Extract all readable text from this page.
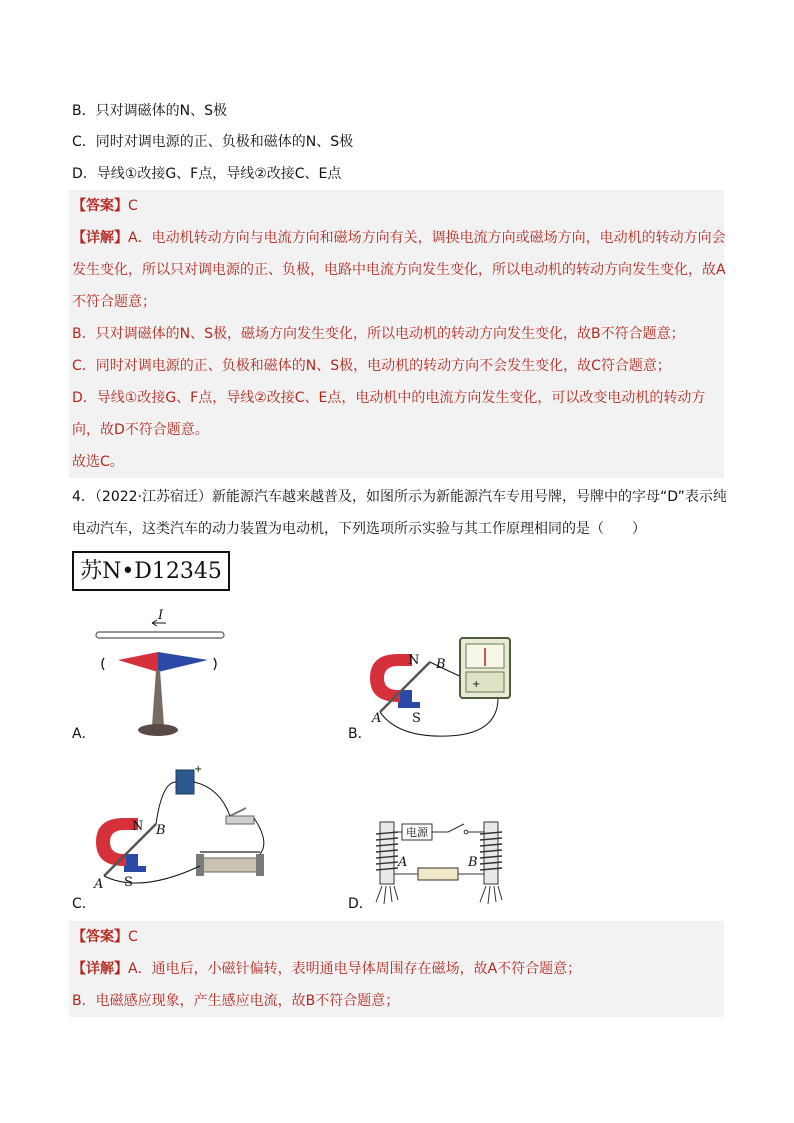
B．只对调磁体的N、S极
C．同时对调电源的正、负极和磁体的N、S极
D．导线①改接G、F点，导线②改接C、E点
【答案】C
【详解】A．电动机转动方向与电流方向和磁场方向有关，调换电流方向或磁场方向，电动机的转动方向会
发生变化，所以只对调电源的正、负极，电路中电流方向发生变化，所以电动机的转动方向发生变化，故A
不符合题意；
B．只对调磁体的N、S极，磁场方向发生变化，所以电动机的转动方向发生变化，故B不符合题意；
C．同时对调电源的正、负极和磁体的N、S极，电动机的转动方向不会发生变化，故C符合题意；
D．导线①改接G、F点，导线②改接C、E点，电动机中的电流方向发生变化，可以改变电动机的转动方
向，故D不符合题意。
故选C。
4．（2022·江苏宿迁）新能源汽车越来越普及，如图所示为新能源汽车专用号牌，号牌中的字母“D”表示纯
电动汽车，这类汽车的动力装置为电动机，下列选项所示实验与其工作原理相同的是（　　）
苏N•D12345
I
A．
N
S
A
B
+
B．
N
S
A
B
+
C．
电源
A	B
D．
【答案】C
【详解】A．通电后，小磁针偏转，表明通电导体周围存在磁场，故A不符合题意；
B．电磁感应现象，产生感应电流，故B不符合题意；
